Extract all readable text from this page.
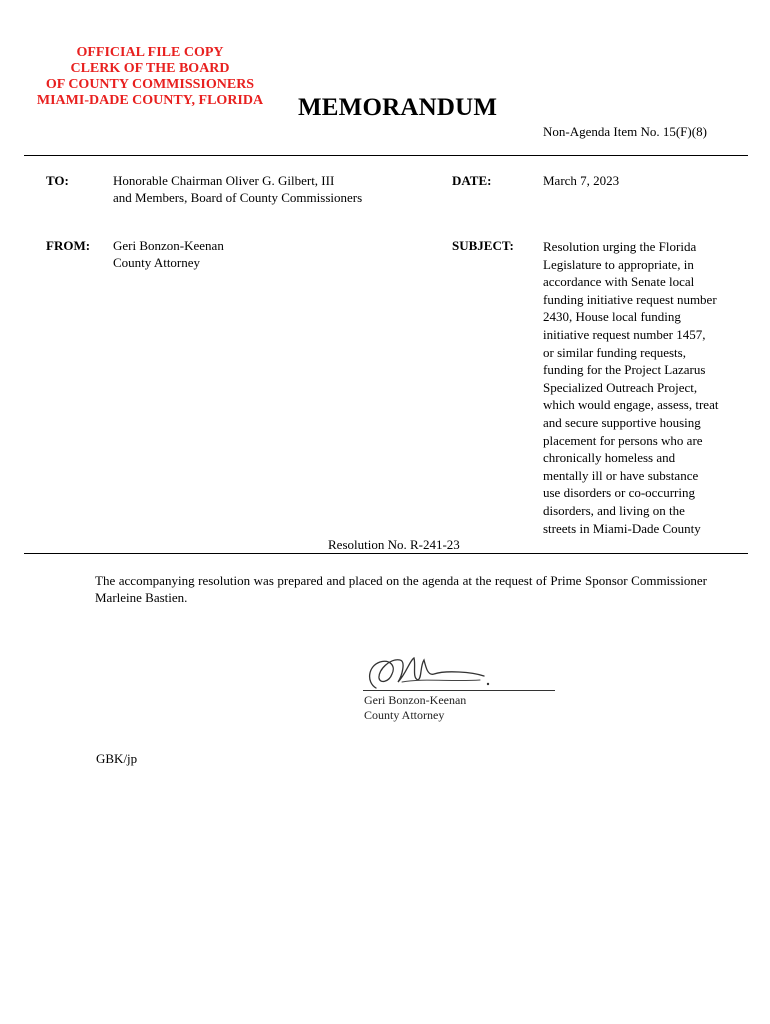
OFFICIAL FILE COPY
CLERK OF THE BOARD
OF COUNTY COMMISSIONERS
MIAMI-DADE COUNTY, FLORIDA	MEMORANDUM
Non-Agenda Item No. 15(F)(8)
TO:	Honorable Chairman Oliver G. Gilbert, III
and Members, Board of County Commissioners
DATE:	March 7, 2023
FROM: Geri Bonzon-Keenan
County Attorney
SUBJECT: Resolution urging the Florida
Legislature to appropriate, in
accordance with Senate local
funding initiative request number
2430, House local funding
initiative request number 1457,
or similar funding requests,
funding for the Project Lazarus
Specialized Outreach Project,
which would engage, assess, treat
and secure supportive housing
placement for persons who are
chronically homeless and
mentally ill or have substance
use disorders or co-occurring
disorders, and living on the
streets in Miami-Dade County
Resolution No. R-241-23
The accompanying resolution was prepared and placed on the agenda at the request of Prime Sponsor Commissioner Marleine Bastien.
Geri Bonzon-Keenan
County Attorney
GBK/jp
